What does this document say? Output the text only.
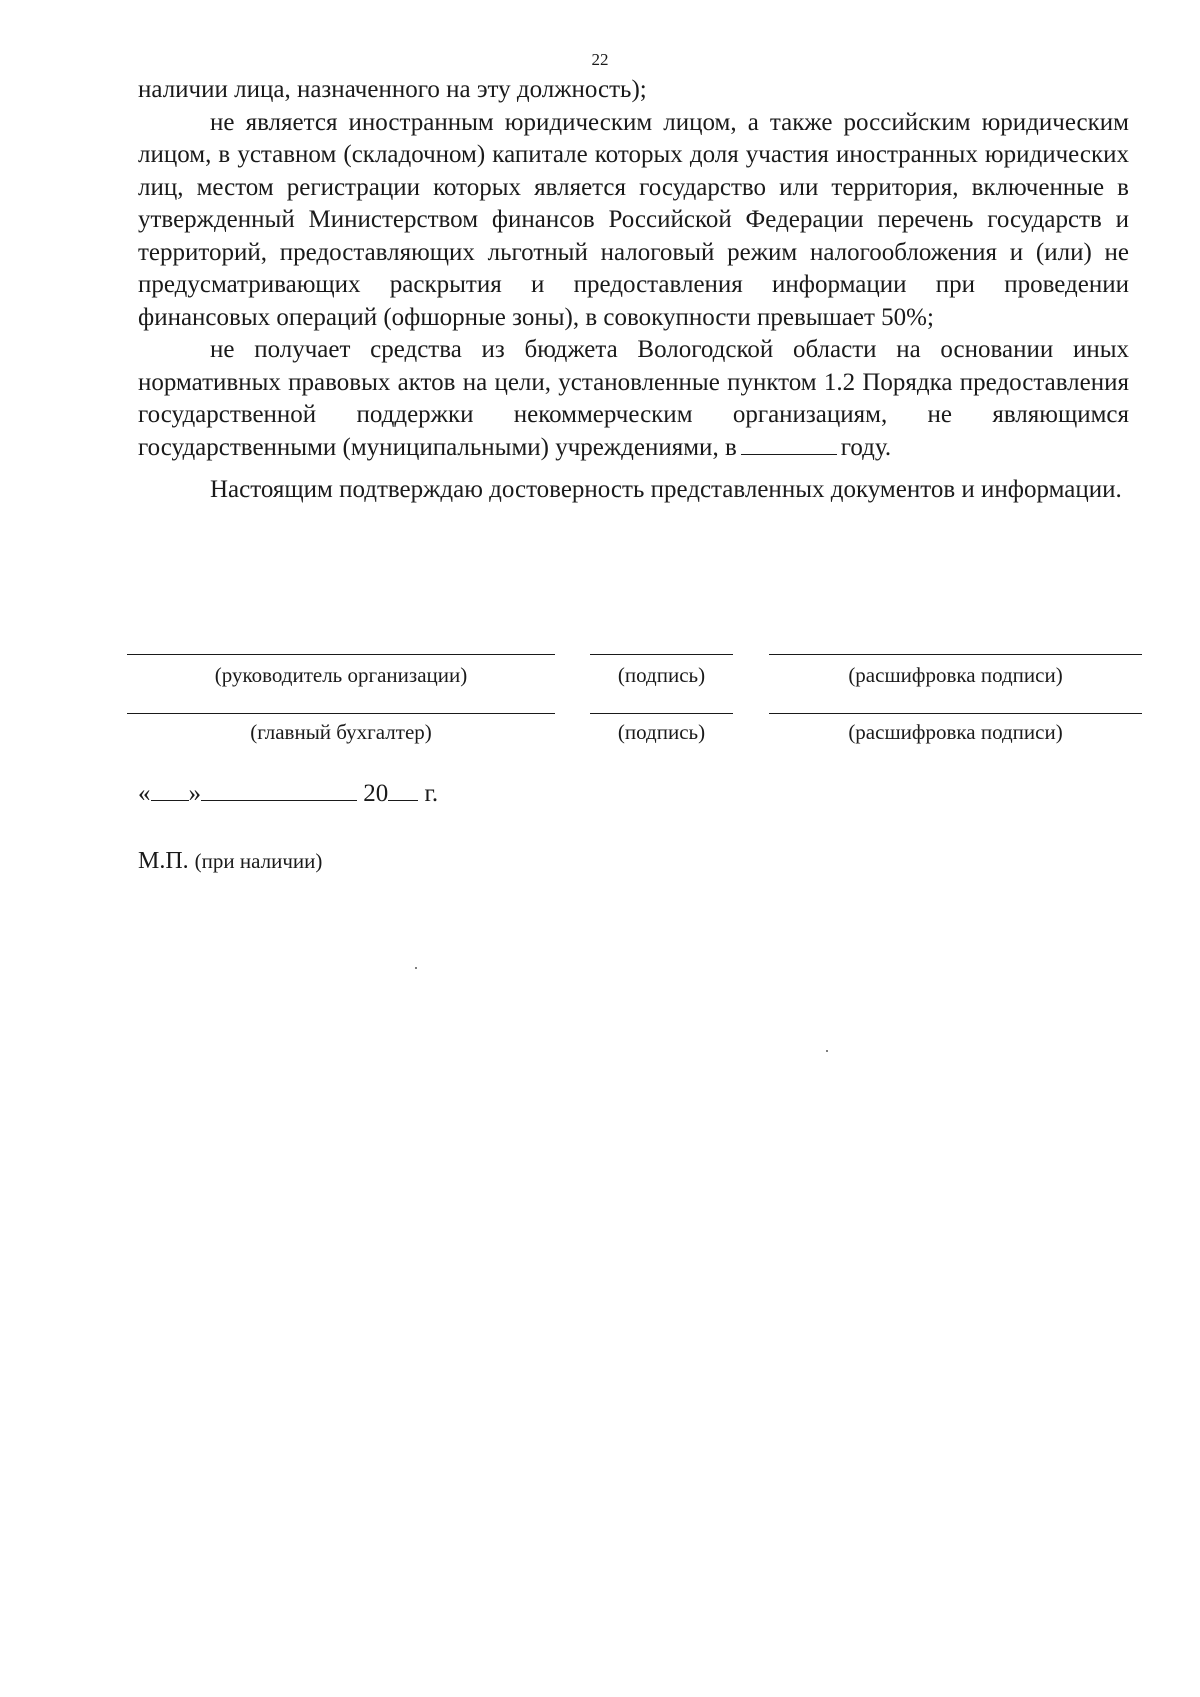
22

наличии лица, назначенного на эту должность);

не является иностранным юридическим лицом, а также российским юридическим лицом, в уставном (складочном) капитале которых доля участия иностранных юридических лиц, местом регистрации которых является государство или территория, включенные в утвержденный Министерством финансов Российской Федерации перечень государств и территорий, предоставляющих льготный налоговый режим налогообложения и (или) не предусматривающих раскрытия и предоставления информации при проведении финансовых операций (офшорные зоны), в совокупности превышает 50%;

не получает средства из бюджета Вологодской области на основании иных нормативных правовых актов на цели, установленные пунктом 1.2 Порядка предоставления государственной поддержки некоммерческим организациям, не являющимся государственными (муниципальными) учреждениями, в	году.

Настоящим подтверждаю достоверность представленных документов и информации.

(руководитель организации)	(подпись)	(расшифровка подписи)
(главный бухгалтер)	(подпись)	(расшифровка подписи)
« »	20 г.
М.П. (при наличии)
